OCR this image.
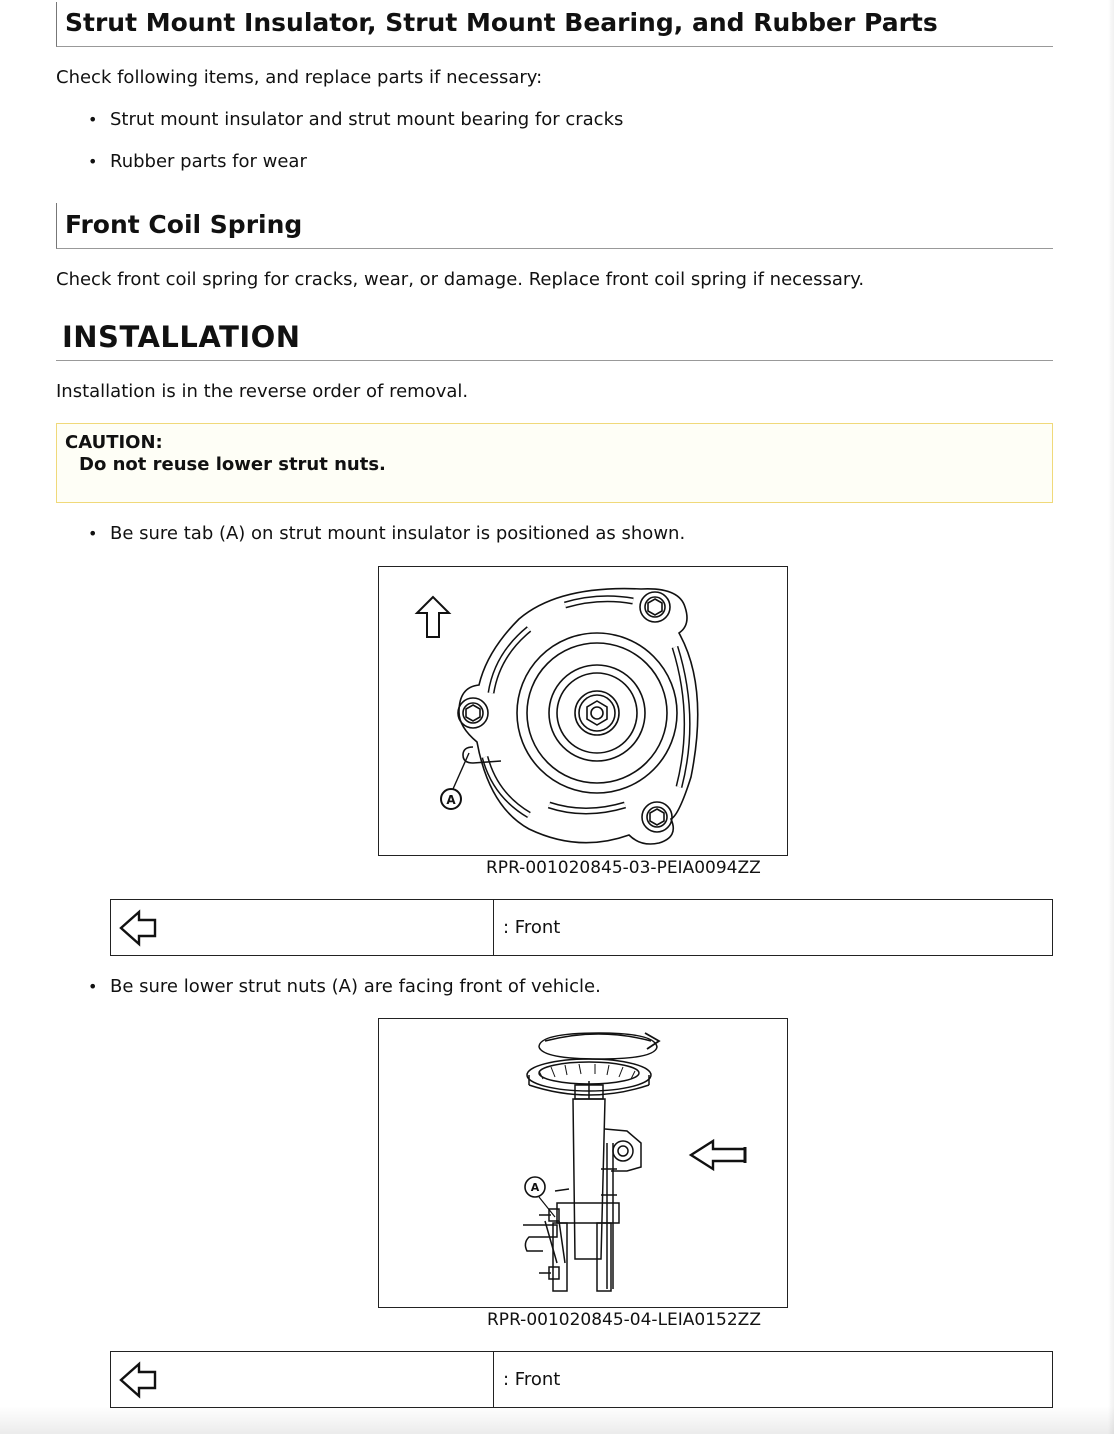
Strut Mount Insulator, Strut Mount Bearing, and Rubber Parts
Check following items, and replace parts if necessary:
• Strut mount insulator and strut mount bearing for cracks
• Rubber parts for wear
Front Coil Spring
Check front coil spring for cracks, wear, or damage. Replace front coil spring if necessary.
INSTALLATION
Installation is in the reverse order of removal.
CAUTION:
Do not reuse lower strut nuts.
• Be sure tab (A) on strut mount insulator is positioned as shown.
A
RPR-001020845-03-PEIA0094ZZ
: Front
• Be sure lower strut nuts (A) are facing front of vehicle.
A
RPR-001020845-04-LEIA0152ZZ
: Front
